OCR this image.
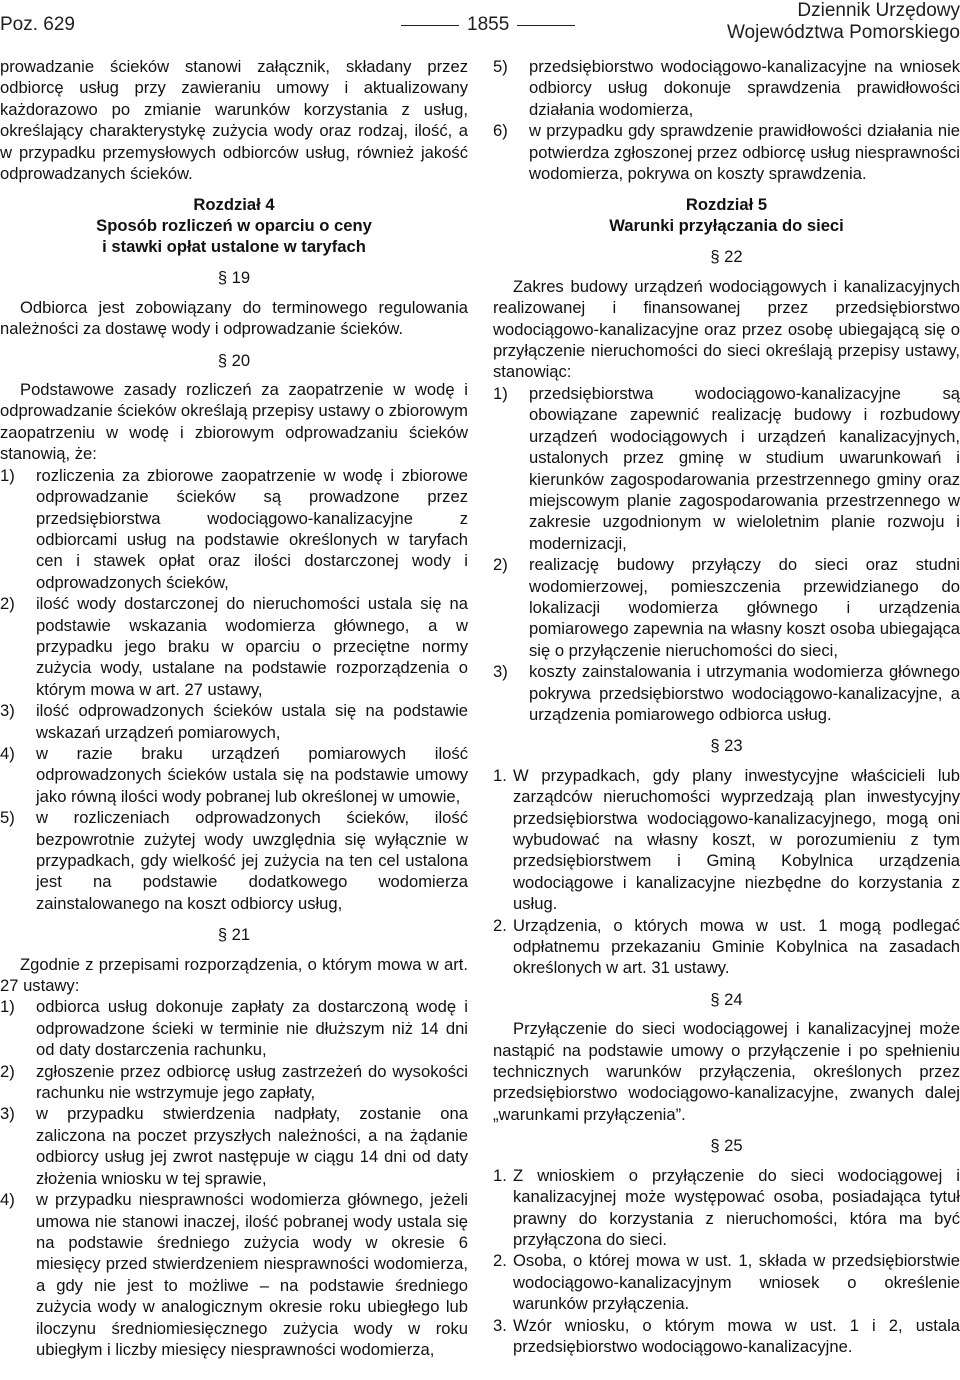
Poz. 629	1855
Dziennik Urzędowy
Województwa Pomorskiego

prowadzanie ścieków stanowi załącznik, składany przez odbiorcę usług przy zawieraniu umowy i aktualizowany każdorazowo po zmianie warunków korzystania z usług, określający charakterystykę zużycia wody oraz rodzaj, ilość, a w przypadku przemysłowych odbiorców usług, również jakość odprowadzanych ścieków.

Rozdział 4
Sposób rozliczeń w oparciu o ceny
i stawki opłat ustalone w taryfach
§ 19

Odbiorca jest zobowiązany do terminowego regulowania należności za dostawę wody i odprowadzanie ścieków.

§ 20

Podstawowe zasady rozliczeń za zaopatrzenie w wodę i odprowadzanie ścieków określają przepisy ustawy o zbiorowym zaopatrzeniu w wodę i zbiorowym odprowadzaniu ścieków stanowią, że:

1)	rozliczenia za zbiorowe zaopatrzenie w wodę i zbiorowe odprowadzanie ścieków są prowadzone przez przedsiębiorstwa wodociągowo-kanalizacyjne z odbiorcami usług na podstawie określonych w taryfach cen i stawek opłat oraz ilości dostarczonej wody i odprowadzonych ścieków,
2)	ilość wody dostarczonej do nieruchomości ustala się na podstawie wskazania wodomierza głównego, a w przypadku jego braku w oparciu o przeciętne normy zużycia wody, ustalane na podstawie rozporządzenia o którym mowa w art. 27 ustawy,
3)	ilość odprowadzonych ścieków ustala się na podstawie wskazań urządzeń pomiarowych,
4)	w razie braku urządzeń pomiarowych ilość odprowadzonych ścieków ustala się na podstawie umowy jako równą ilości wody pobranej lub określonej w umowie,
5)	w rozliczeniach odprowadzonych ścieków, ilość bezpowrotnie zużytej wody uwzględnia się wyłącznie w przypadkach, gdy wielkość jej zużycia na ten cel ustalona jest na podstawie dodatkowego wodomierza zainstalowanego na koszt odbiorcy usług,
§ 21

Zgodnie z przepisami rozporządzenia, o którym mowa w art. 27 ustawy:

1)	odbiorca usług dokonuje zapłaty za dostarczoną wodę i odprowadzone ścieki w terminie nie dłuższym niż 14 dni od daty dostarczenia rachunku,
2)	zgłoszenie przez odbiorcę usług zastrzeżeń do wysokości rachunku nie wstrzymuje jego zapłaty,
3)	w przypadku stwierdzenia nadpłaty, zostanie ona zaliczona na poczet przyszłych należności, a na żądanie odbiorcy usług jej zwrot następuje w ciągu 14 dni od daty złożenia wniosku w tej sprawie,
4)	w przypadku niesprawności wodomierza głównego, jeżeli umowa nie stanowi inaczej, ilość pobranej wody ustala się na podstawie średniego zużycia wody w okresie 6 miesięcy przed stwierdzeniem niesprawności wodomierza, a gdy nie jest to możliwe – na podstawie średniego zużycia wody w analogicznym okresie roku ubiegłego lub iloczynu średniomiesięcznego zużycia wody w roku ubiegłym i liczby miesięcy niesprawności wodomierza,
5)	przedsiębiorstwo wodociągowo-kanalizacyjne na wniosek odbiorcy usług dokonuje sprawdzenia prawidłowości działania wodomierza,
6)	w przypadku gdy sprawdzenie prawidłowości działania nie potwierdza zgłoszonej przez odbiorcę usług niesprawności wodomierza, pokrywa on koszty sprawdzenia.
Rozdział 5
Warunki przyłączania do sieci
§ 22

Zakres budowy urządzeń wodociągowych i kanalizacyjnych realizowanej i finansowanej przez przedsiębiorstwo wodociągowo-kanalizacyjne oraz przez osobę ubiegającą się o przyłączenie nieruchomości do sieci określają przepisy ustawy, stanowiąc:

1)	przedsiębiorstwa wodociągowo-kanalizacyjne są obowiązane zapewnić realizację budowy i rozbudowy urządzeń wodociągowych i urządzeń kanalizacyjnych, ustalonych przez gminę w studium uwarunkowań i kierunków zagospodarowania przestrzennego gminy oraz miejscowym planie zagospodarowania przestrzennego w zakresie uzgodnionym w wieloletnim planie rozwoju i modernizacji,
2)	realizację budowy przyłączy do sieci oraz studni wodomierzowej, pomieszczenia przewidzianego do lokalizacji wodomierza głównego i urządzenia pomiarowego zapewnia na własny koszt osoba ubiegająca się o przyłączenie nieruchomości do sieci,
3)	koszty zainstalowania i utrzymania wodomierza głównego pokrywa przedsiębiorstwo wodociągowo-kanalizacyjne, a urządzenia pomiarowego odbiorca usług.
§ 23
1. W przypadkach, gdy plany inwestycyjne właścicieli lub zarządców nieruchomości wyprzedzają plan inwestycyjny przedsiębiorstwa wodociągowo-kanalizacyjnego, mogą oni wybudować na własny koszt, w porozumieniu z tym przedsiębiorstwem i Gminą Kobylnica urządzenia wodociągowe i kanalizacyjne niezbędne do korzystania z usług.
2. Urządzenia, o których mowa w ust. 1 mogą podlegać odpłatnemu przekazaniu Gminie Kobylnica na zasadach określonych w art. 31 ustawy.
§ 24

Przyłączenie do sieci wodociągowej i kanalizacyjnej może nastąpić na podstawie umowy o przyłączenie i po spełnieniu technicznych warunków przyłączenia, określonych przez przedsiębiorstwo wodociągowo-kanalizacyjne, zwanych dalej „warunkami przyłączenia”.

§ 25
1. Z wnioskiem o przyłączenie do sieci wodociągowej i kanalizacyjnej może występować osoba, posiadająca tytuł prawny do korzystania z nieruchomości, która ma być przyłączona do sieci.
2. Osoba, o której mowa w ust. 1, składa w przedsiębiorstwie wodociągowo-kanalizacyjnym wniosek o określenie warunków przyłączenia.
3. Wzór wniosku, o którym mowa w ust. 1 i 2, ustala przedsiębiorstwo wodociągowo-kanalizacyjne.
